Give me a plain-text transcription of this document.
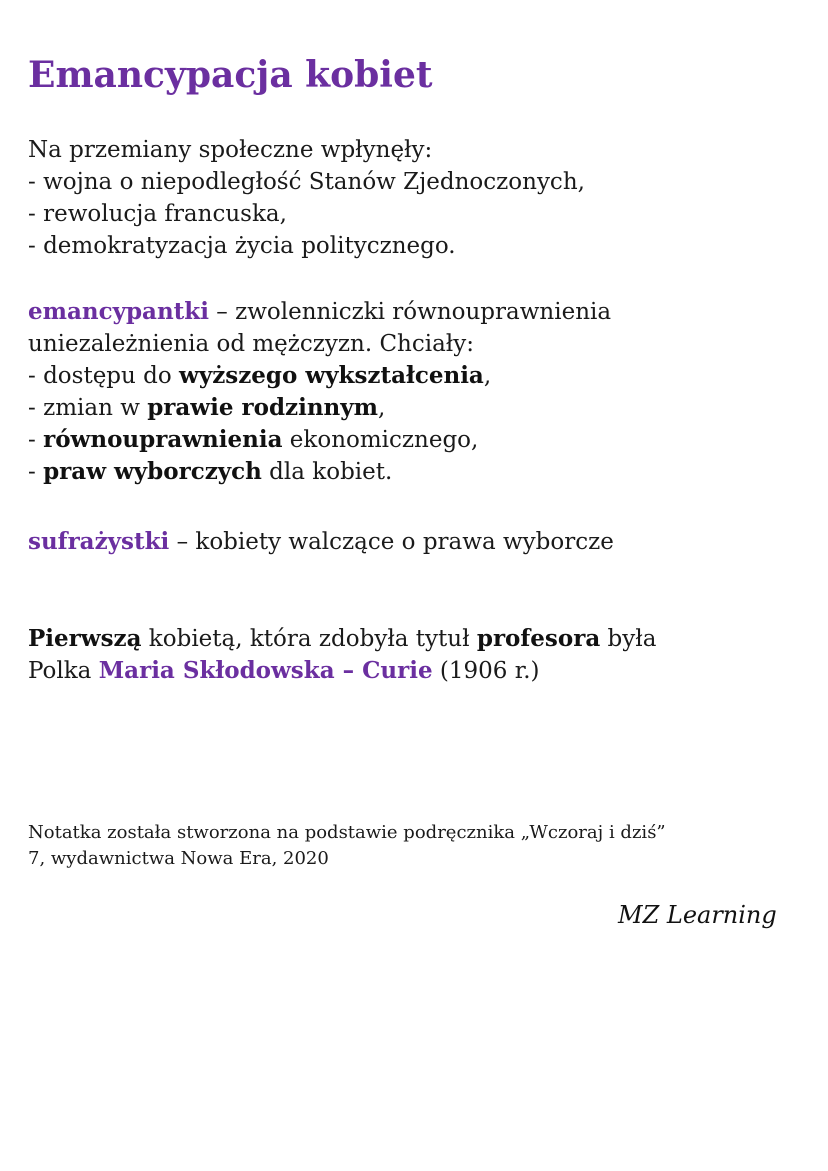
Emancypacja kobiet

Na przemiany społeczne wpłynęły:

- wojna o niepodległość Stanów Zjednoczonych,

- rewolucja francuska,

- demokratyzacja życia politycznego.

emancypantki – zwolenniczki równouprawnienia

uniezależnienia od mężczyzn. Chciały:

- dostępu do wyższego wykształcenia,

- zmian w prawie rodzinnym,

- równouprawnienia ekonomicznego,

- praw wyborczych dla kobiet.

sufrażystki – kobiety walczące o prawa wyborcze

Pierwszą kobietą, która zdobyła tytuł profesora była

Polka Maria Skłodowska – Curie (1906 r.)

Notatka została stworzona na podstawie podręcznika „Wczoraj i dziś”

7, wydawnictwa Nowa Era, 2020

MZ Learning
